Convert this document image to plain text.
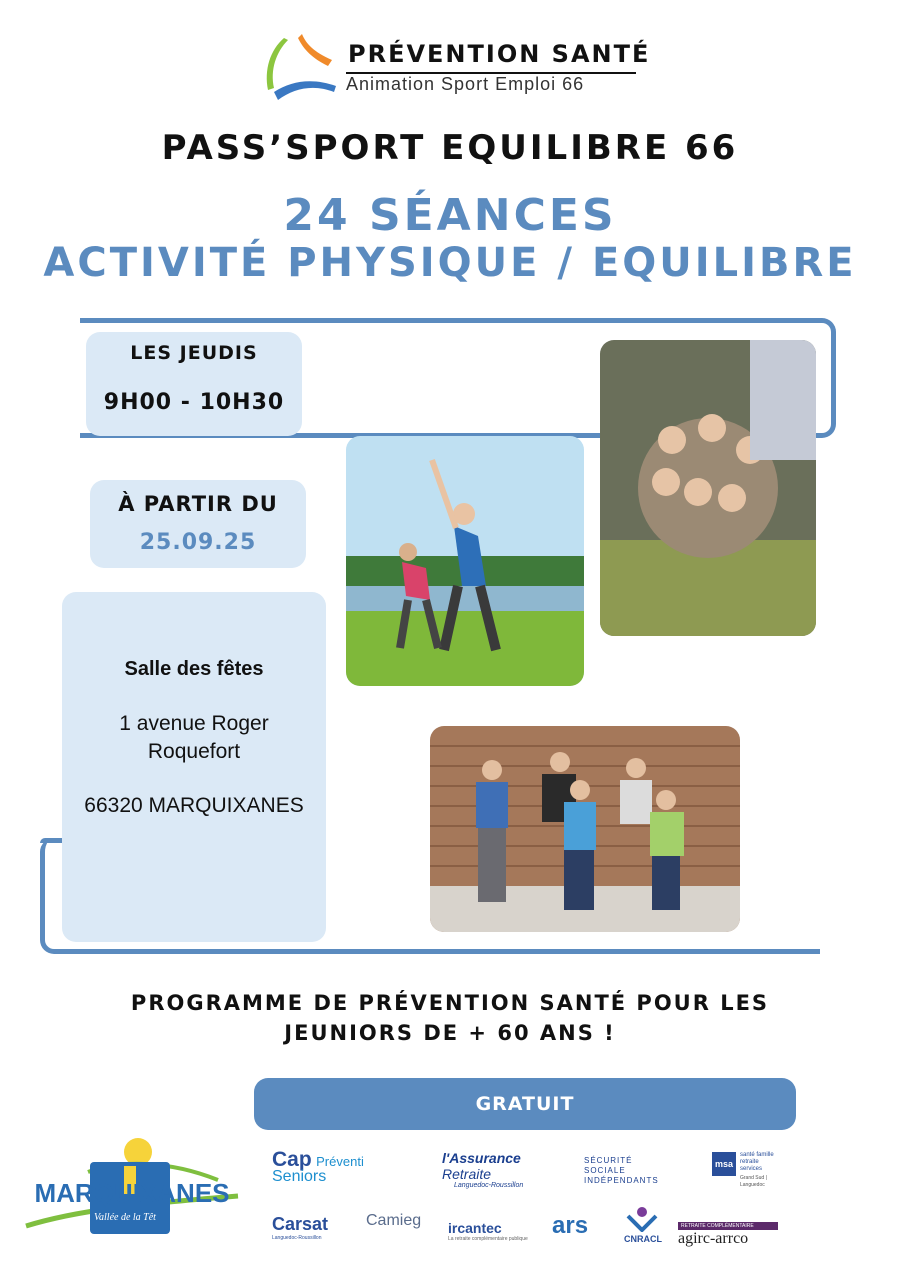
PRÉVENTION SANTÉ
Animation Sport Emploi 66
PASS’SPORT EQUILIBRE 66
24 SÉANCES
ACTIVITÉ PHYSIQUE / EQUILIBRE
LES JEUDIS
9H00 - 10H30
À PARTIR DU
25.09.25
Salle des fêtes
1 avenue Roger Roquefort
66320 MARQUIXANES
PROGRAMME DE PRÉVENTION SANTÉ POUR LES
JEUNIORS DE + 60 ANS !
GRATUIT
MARQUIXANES
Vallée de la Têt
Cap Préventi
Seniors
l'Assurance
Retraite
Languedoc-Roussillon
SÉCURITÉ SOCIALE INDÉPENDANTS
msa
santé famille retraite services
Grand Sud | Languedoc
Carsat
Languedoc-Roussillon
Camieg ircantec
La retraite complémentaire publique ars	CNRACL
RETRAITE COMPLÉMENTAIRE
agirc-arrco
